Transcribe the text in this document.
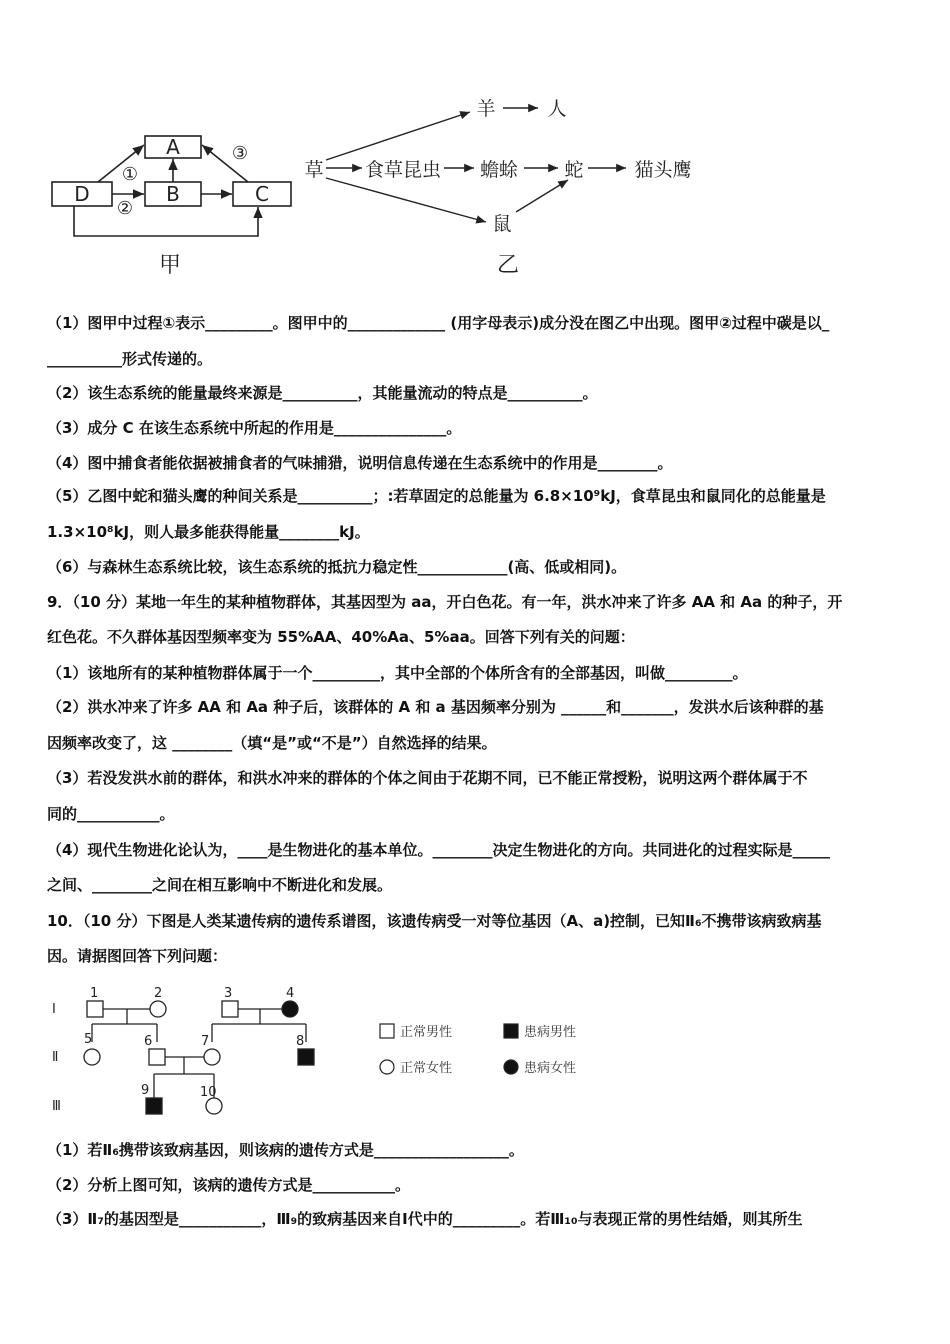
A
D	B	C
①
②
③
甲
草 食草昆虫 蟾蜍 蛇	猫头鹰
羊	人
鼠
乙
（1）图甲中过程①表示_________。图甲中的_____________ (用字母表示)成分没在图乙中出现。图甲②过程中碳是以_
__________形式传递的。
（2）该生态系统的能量最终来源是__________，其能量流动的特点是__________。
（3）成分 C 在该生态系统中所起的作用是_______________。
（4）图中捕食者能依据被捕食者的气味捕猎，说明信息传递在生态系统中的作用是________。
（5）乙图中蛇和猫头鹰的种间关系是__________；:若草固定的总能量为 6.8×10⁹kJ，食草昆虫和鼠同化的总能量是
1.3×10⁸kJ，则人最多能获得能量________kJ。
（6）与森林生态系统比较，该生态系统的抵抗力稳定性____________(高、低或相同)。
9．（10 分）某地一年生的某种植物群体，其基因型为 aa，开白色花。有一年，洪水冲来了许多 AA 和 Aa 的种子，开
红色花。不久群体基因型频率变为 55%AA、40%Aa、5%aa。回答下列有关的问题：
（1）该地所有的某种植物群体属于一个_________，其中全部的个体所含有的全部基因，叫做_________。
（2）洪水冲来了许多 AA 和 Aa 种子后，该群体的 A 和 a 基因频率分别为 ______和_______，发洪水后该种群的基
因频率改变了，这 ________（填“是”或“不是”）自然选择的结果。
（3）若没发洪水前的群体，和洪水冲来的群体的个体之间由于花期不同，已不能正常授粉，说明这两个群体属于不
同的___________。
（4）现代生物进化论认为，____是生物进化的基本单位。________决定生物进化的方向。共同进化的过程实际是_____
之间、________之间在相互影响中不断进化和发展。
10．（10 分）下图是人类某遗传病的遗传系谱图，该遗传病受一对等位基因（A、a)控制，已知Ⅱ₆不携带该病致病基
因。请据图回答下列问题：
Ⅰ
Ⅱ
Ⅲ
1	2	3	4
5	6	7	8
9	10
正常男性	患病男性
正常女性	患病女性
（1）若Ⅱ₆携带该致病基因，则该病的遗传方式是__________________。
（2）分析上图可知，该病的遗传方式是___________。
（3）Ⅱ₇的基因型是___________，Ⅲ₉的致病基因来自Ⅰ代中的_________。若Ⅲ₁₀与表现正常的男性结婚，则其所生
